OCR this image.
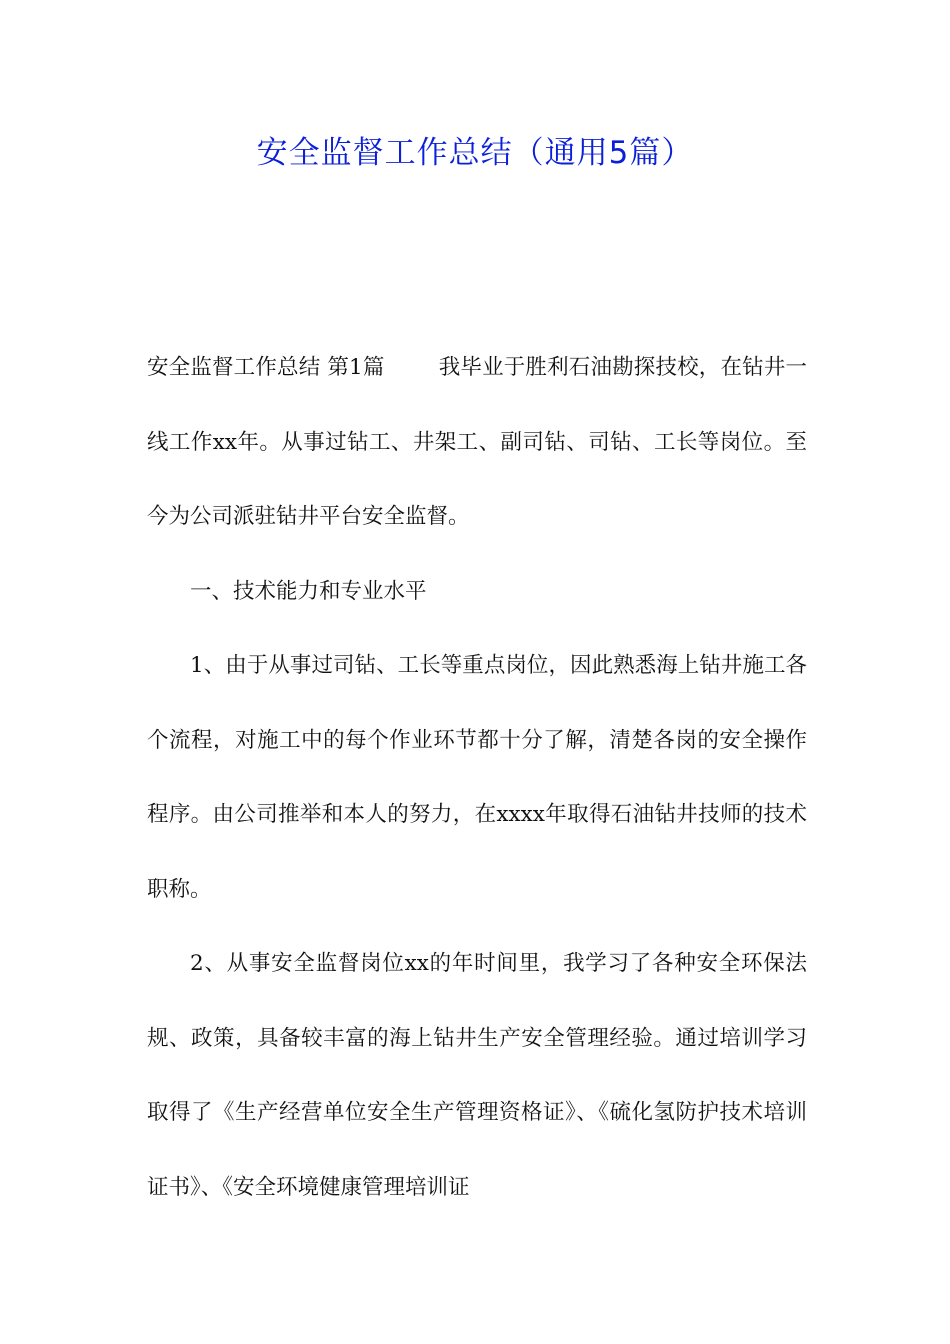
安全监督工作总结（通用5篇）

安全监督工作总结 第1篇	我毕业于胜利石油勘探技校，在钻井一线工作xx年。从事过钻工、井架工、副司钻、司钻、工长等岗位。至今为公司派驻钻井平台安全监督。

一、技术能力和专业水平

1、由于从事过司钻、工长等重点岗位，因此熟悉海上钻井施工各个流程，对施工中的每个作业环节都十分了解，清楚各岗的安全操作程序。由公司推举和本人的努力，在xxxx年取得石油钻井技师的技术职称。

2、从事安全监督岗位xx的年时间里，我学习了各种安全环保法规、政策，具备较丰富的海上钻井生产安全管理经验。通过培训学习取得了《生产经营单位安全生产管理资格证》、《硫化氢防护技术培训证书》、《安全环境健康管理培训证
